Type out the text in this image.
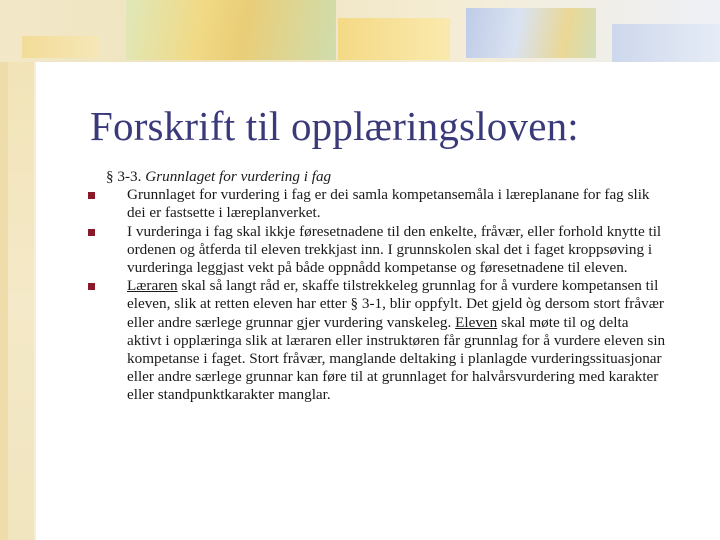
Forskrift til opplæringsloven:
§ 3-3. Grunnlaget for vurdering i fag
Grunnlaget for vurdering i fag er dei samla kompetansemåla i læreplanane for fag slik dei er fastsette i læreplanverket.
I vurderinga i fag skal ikkje føresetnadene til den enkelte, fråvær, eller forhold knytte til ordenen og åtferda til eleven trekkjast inn. I grunnskolen skal det i faget kroppsøving i vurderinga leggjast vekt på både oppnådd kompetanse og føresetnadene til eleven.
Læraren skal så langt råd er, skaffe tilstrekkeleg grunnlag for å vurdere kompetansen til eleven, slik at retten eleven har etter § 3-1, blir oppfylt. Det gjeld òg dersom stort fråvær eller andre særlege grunnar gjer vurdering vanskeleg. Eleven skal møte til og delta aktivt i opplæringa slik at læraren eller instruktøren får grunnlag for å vurdere eleven sin kompetanse i faget. Stort fråvær, manglande deltaking i planlagde vurderingssituasjonar eller andre særlege grunnar kan føre til at grunnlaget for halvårsvurdering med karakter eller standpunktkarakter manglar.
